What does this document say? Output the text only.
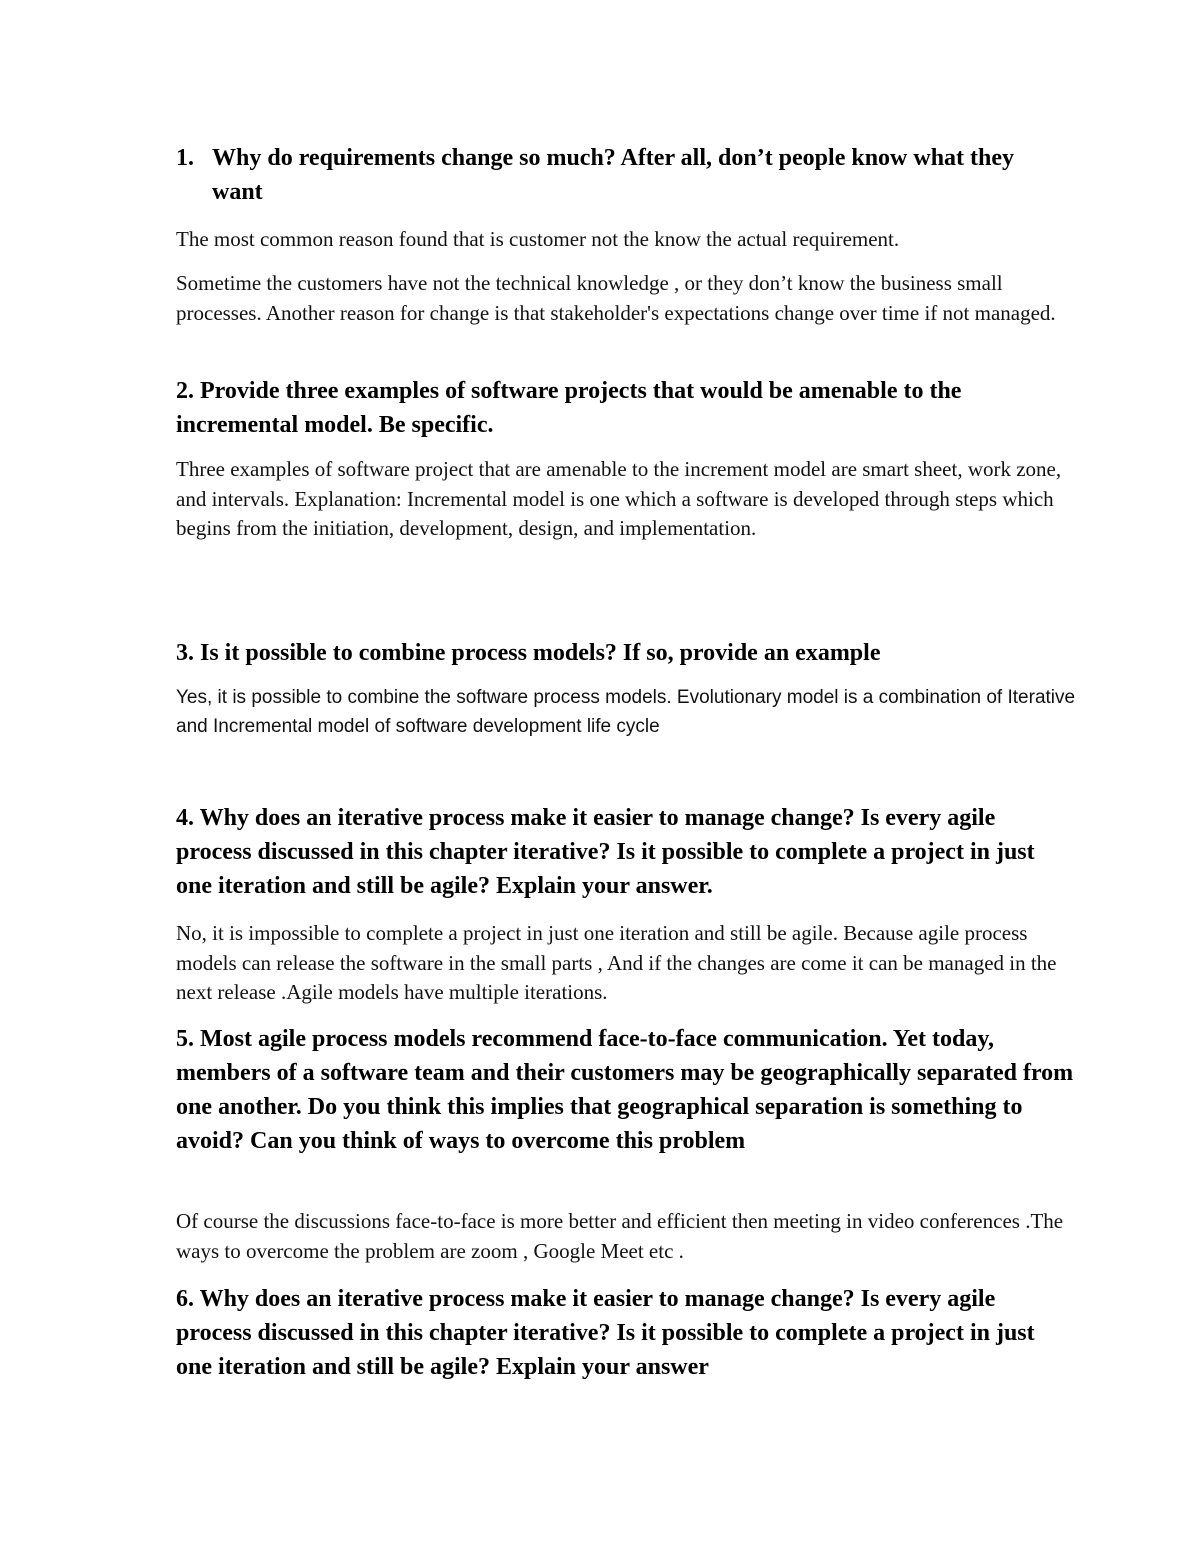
1. Why do requirements change so much? After all, don’t people know what they want

The most common reason found that is customer not the know the actual requirement.

Sometime the customers have not the technical knowledge , or they don’t know the business small processes. Another reason for change is that stakeholder's expectations change over time if not managed.

2. Provide three examples of software projects that would be amenable to the incremental model. Be specific.

Three examples of software project that are amenable to the increment model are smart sheet, work zone, and intervals. Explanation: Incremental model is one which a software is developed through steps which begins from the initiation, development, design, and implementation.

3. Is it possible to combine process models? If so, provide an example

Yes, it is possible to combine the software process models. Evolutionary model is a combination of Iterative and Incremental model of software development life cycle

4. Why does an iterative process make it easier to manage change? Is every agile process discussed in this chapter iterative? Is it possible to complete a project in just one iteration and still be agile? Explain your answer.

No, it is impossible to complete a project in just one iteration and still be agile. Because agile process models can release the software in the small parts , And if the changes are come it can be managed in the next release .Agile models have multiple iterations.

5. Most agile process models recommend face-to-face communication. Yet today, members of a software team and their customers may be geographically separated from one another. Do you think this implies that geographical separation is something to avoid? Can you think of ways to overcome this problem

Of course the discussions face-to-face is more better and efficient then meeting in video conferences .The ways to overcome the problem are zoom , Google Meet etc .

6. Why does an iterative process make it easier to manage change? Is every agile process discussed in this chapter iterative? Is it possible to complete a project in just one iteration and still be agile? Explain your answer
